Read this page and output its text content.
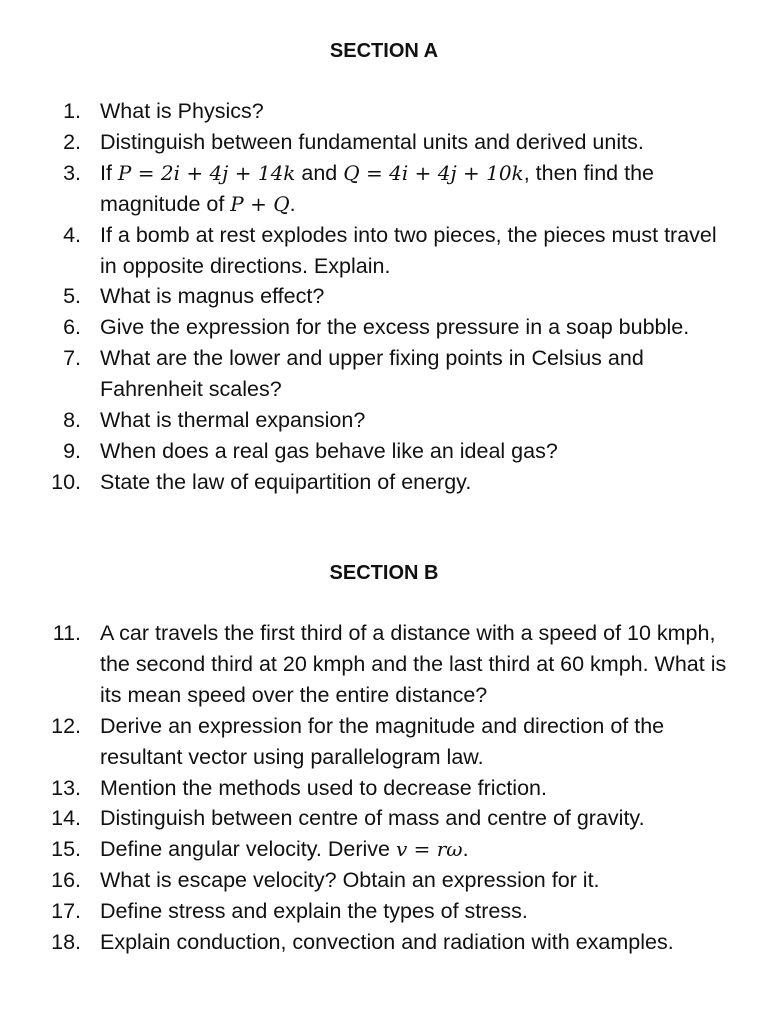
SECTION A
1. What is Physics?
2. Distinguish between fundamental units and derived units.
3. If P = 2i + 4j + 14k and Q = 4i + 4j + 10k, then find the magnitude of P + Q.
4. If a bomb at rest explodes into two pieces, the pieces must travel in opposite directions. Explain.
5. What is magnus effect?
6. Give the expression for the excess pressure in a soap bubble.
7. What are the lower and upper fixing points in Celsius and Fahrenheit scales?
8. What is thermal expansion?
9. When does a real gas behave like an ideal gas?
10. State the law of equipartition of energy.
SECTION B
11. A car travels the first third of a distance with a speed of 10 kmph, the second third at 20 kmph and the last third at 60 kmph. What is its mean speed over the entire distance?
12. Derive an expression for the magnitude and direction of the resultant vector using parallelogram law.
13. Mention the methods used to decrease friction.
14. Distinguish between centre of mass and centre of gravity.
15. Define angular velocity. Derive v = rω.
16. What is escape velocity? Obtain an expression for it.
17. Define stress and explain the types of stress.
18. Explain conduction, convection and radiation with examples.
